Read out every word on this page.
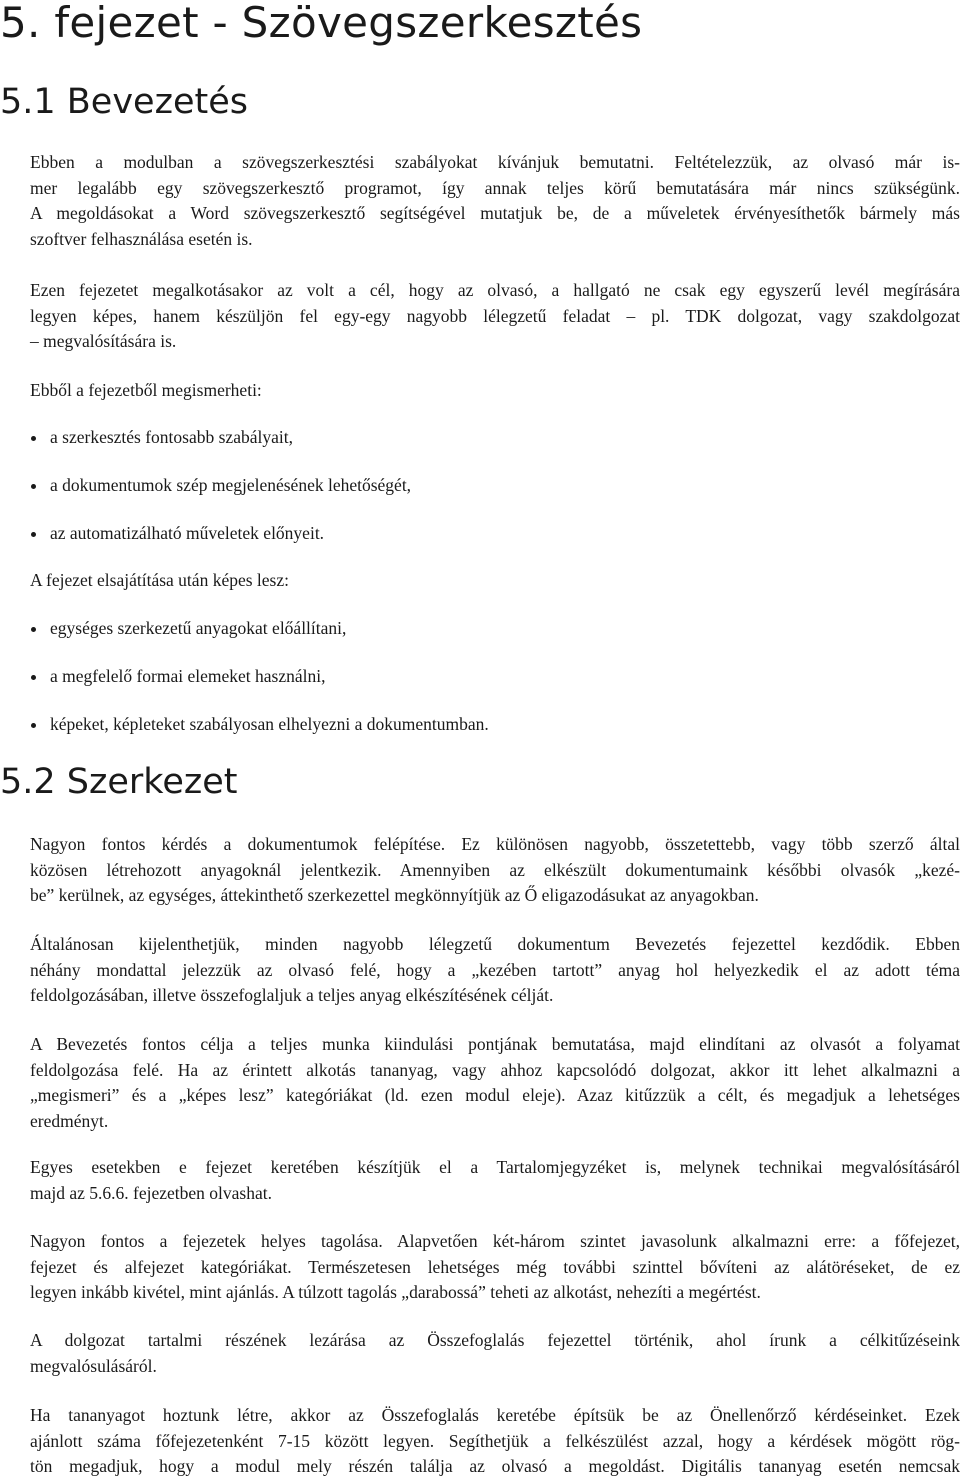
5. fejezet - Szövegszerkesztés
5.1 Bevezetés

Ebben a modulban a szövegszerkesztési szabályokat kívánjuk bemutatni. Feltételezzük, az olvasó már is-
mer legalább egy szövegszerkesztő programot, így annak teljes körű bemutatására már nincs szükségünk.
A megoldásokat a Word szövegszerkesztő segítségével mutatjuk be, de a műveletek érvényesíthetők bármely más
szoftver felhasználása esetén is.

Ezen fejezetet megalkotásakor az volt a cél, hogy az olvasó, a hallgató ne csak egy egyszerű levél megírására
legyen képes, hanem készüljön fel egy-egy nagyobb lélegzetű feladat – pl. TDK dolgozat, vagy szakdolgozat
– megvalósítására is.

Ebből a fejezetből megismerheti:

a szerkesztés fontosabb szabályait,
a dokumentumok szép megjelenésének lehetőségét,
az automatizálható műveletek előnyeit.

A fejezet elsajátítása után képes lesz:

egységes szerkezetű anyagokat előállítani,
a megfelelő formai elemeket használni,
képeket, képleteket szabályosan elhelyezni a dokumentumban.
5.2 Szerkezet

Nagyon fontos kérdés a dokumentumok felépítése. Ez különösen nagyobb, összetettebb, vagy több szerző által
közösen létrehozott anyagoknál jelentkezik. Amennyiben az elkészült dokumentumaink későbbi olvasók „kezé-
be” kerülnek, az egységes, áttekinthető szerkezettel megkönnyítjük az Ő eligazodásukat az anyagokban.

Általánosan kijelenthetjük, minden nagyobb lélegzetű dokumentum Bevezetés fejezettel kezdődik. Ebben
néhány mondattal jelezzük az olvasó felé, hogy a „kezében tartott” anyag hol helyezkedik el az adott téma
feldolgozásában, illetve összefoglaljuk a teljes anyag elkészítésének célját.

A Bevezetés fontos célja a teljes munka kiindulási pontjának bemutatása, majd elindítani az olvasót a folyamat
feldolgozása felé. Ha az érintett alkotás tananyag, vagy ahhoz kapcsolódó dolgozat, akkor itt lehet alkalmazni a
„megismeri” és a „képes lesz” kategóriákat (ld. ezen modul eleje). Azaz kitűzzük a célt, és megadjuk a lehetséges
eredményt.

Egyes esetekben e fejezet keretében készítjük el a Tartalomjegyzéket is, melynek technikai megvalósításáról
majd az 5.6.6. fejezetben olvashat.

Nagyon fontos a fejezetek helyes tagolása. Alapvetően két-három szintet javasolunk alkalmazni erre: a főfejezet,
fejezet és alfejezet kategóriákat. Természetesen lehetséges még további szinttel bővíteni az alátöréseket, de ez
legyen inkább kivétel, mint ajánlás. A túlzott tagolás „darabossá” teheti az alkotást, nehezíti a megértést.

A dolgozat tartalmi részének lezárása az Összefoglalás fejezettel történik, ahol írunk a célkitűzéseink
megvalósulásáról.

Ha tananyagot hoztunk létre, akkor az Összefoglalás keretébe építsük be az Önellenőrző kérdéseinket. Ezek
ajánlott száma főfejezetenként 7-15 között legyen. Segíthetjük a felkészülést azzal, hogy a kérdések mögött rög-
tön megadjuk, hogy a modul mely részén találja az olvasó a megoldást. Digitális tananyag esetén nemcsak
